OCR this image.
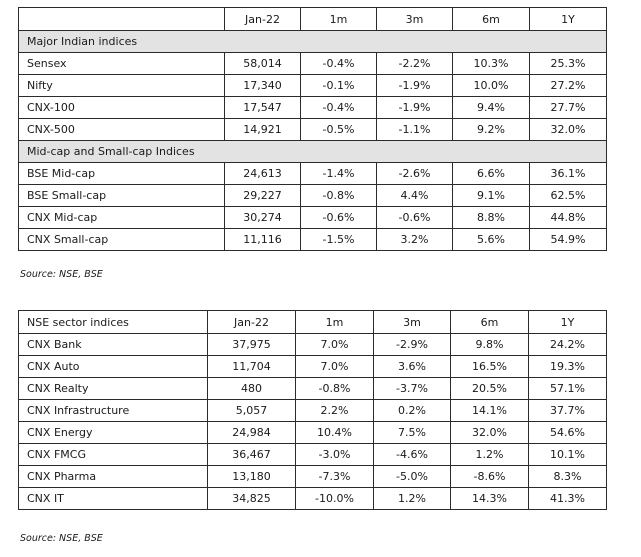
	Jan-22	1m	3m	6m	1Y
Major Indian indices					
Sensex	58,014	-0.4%	-2.2%	10.3%	25.3%
Nifty	17,340	-0.1%	-1.9%	10.0%	27.2%
CNX-100	17,547	-0.4%	-1.9%	9.4%	27.7%
CNX-500	14,921	-0.5%	-1.1%	9.2%	32.0%
Mid-cap and Small-cap Indices					
BSE Mid-cap	24,613	-1.4%	-2.6%	6.6%	36.1%
BSE Small-cap	29,227	-0.8%	4.4%	9.1%	62.5%
CNX Mid-cap	30,274	-0.6%	-0.6%	8.8%	44.8%
CNX Small-cap	11,116	-1.5%	3.2%	5.6%	54.9%
Source: NSE, BSE
NSE sector indices	Jan-22	1m	3m	6m	1Y
CNX Bank	37,975	7.0%	-2.9%	9.8%	24.2%
CNX Auto	11,704	7.0%	3.6%	16.5%	19.3%
CNX Realty	480	-0.8%	-3.7%	20.5%	57.1%
CNX Infrastructure	5,057	2.2%	0.2%	14.1%	37.7%
CNX Energy	24,984	10.4%	7.5%	32.0%	54.6%
CNX FMCG	36,467	-3.0%	-4.6%	1.2%	10.1%
CNX Pharma	13,180	-7.3%	-5.0%	-8.6%	8.3%
CNX IT	34,825	-10.0%	1.2%	14.3%	41.3%
Source: NSE, BSE
